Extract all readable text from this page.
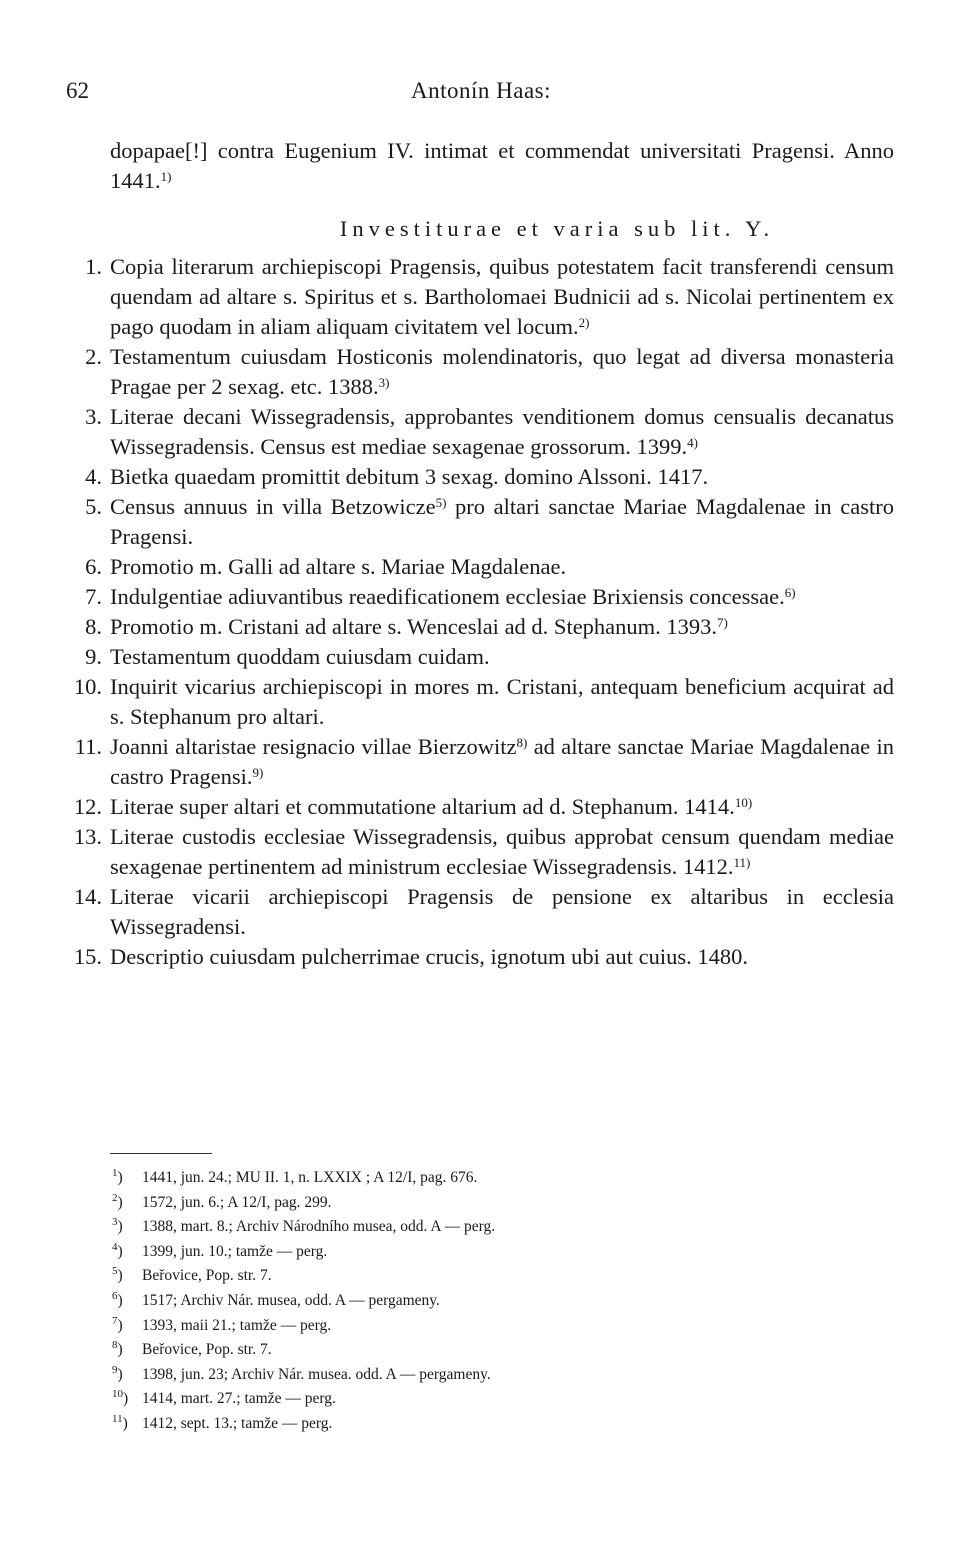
62	Antonín Haas:

dopapae[!] contra Eugenium IV. intimat et commendat universitati Pragensi. Anno 1441.$^{1)}$

Investiturae et varia sub lit. Y.
1. Copia literarum archiepiscopi Pragensis, quibus potestatem facit transferendi censum quendam ad altare s. Spiritus et s. Bartholomaei Budnicii ad s. Nicolai pertinentem ex pago quodam in aliam aliquam civitatem vel locum.$^{2)}$
2. Testamentum cuiusdam Hosticonis molendinatoris, quo legat ad diversa monasteria Pragae per 2 sexag. etc. 1388.$^{3)}$
3. Literae decani Wissegradensis, approbantes venditionem domus censualis decanatus Wissegradensis. Census est mediae sexagenae grossorum. 1399.$^{4)}$
4. Bietka quaedam promittit debitum 3 sexag. domino Alssoni. 1417.
5. Census annuus in villa Betzowicze$^{5)}$ pro altari sanctae Mariae Magdalenae in castro Pragensi.
6. Promotio m. Galli ad altare s. Mariae Magdalenae.
7. Indulgentiae adiuvantibus reaedificationem ecclesiae Brixiensis concessae.$^{6)}$
8. Promotio m. Cristani ad altare s. Wenceslai ad d. Stephanum. 1393.$^{7)}$
9. Testamentum quoddam cuiusdam cuidam.
10. Inquirit vicarius archiepiscopi in mores m. Cristani, antequam beneficium acquirat ad s. Stephanum pro altari.
11. Joanni altaristae resignacio villae Bierzowitz$^{8)}$ ad altare sanctae Mariae Magdalenae in castro Pragensi.$^{9)}$
12. Literae super altari et commutatione altarium ad d. Stephanum. 1414.$^{10)}$
13. Literae custodis ecclesiae Wissegradensis, quibus approbat censum quendam mediae sexagenae pertinentem ad ministrum ecclesiae Wissegradensis. 1412.$^{11)}$
14. Literae vicarii archiepiscopi Pragensis de pensione ex altaribus in ecclesia Wissegradensi.
15. Descriptio cuiusdam pulcherrimae crucis, ignotum ubi aut cuius. 1480.
$^1$) 1441, jun. 24.; MU II. 1, n. LXXIX ; A 12/I, pag. 676.
$^2$) 1572, jun. 6.; A 12/I, pag. 299.
$^3$) 1388, mart. 8.; Archiv Národního musea, odd. A — perg.
$^4$) 1399, jun. 10.; tamže — perg.
$^5$) Beřovice, Pop. str. 7.
$^6$) 1517; Archiv Nár. musea, odd. A — pergameny.
$^7$) 1393, maii 21.; tamže — perg.
$^8$) Beřovice, Pop. str. 7.
$^9$) 1398, jun. 23; Archiv Nár. musea. odd. A — pergameny.
$^{10}$) 1414, mart. 27.; tamže — perg.
$^{11}$) 1412, sept. 13.; tamže — perg.
